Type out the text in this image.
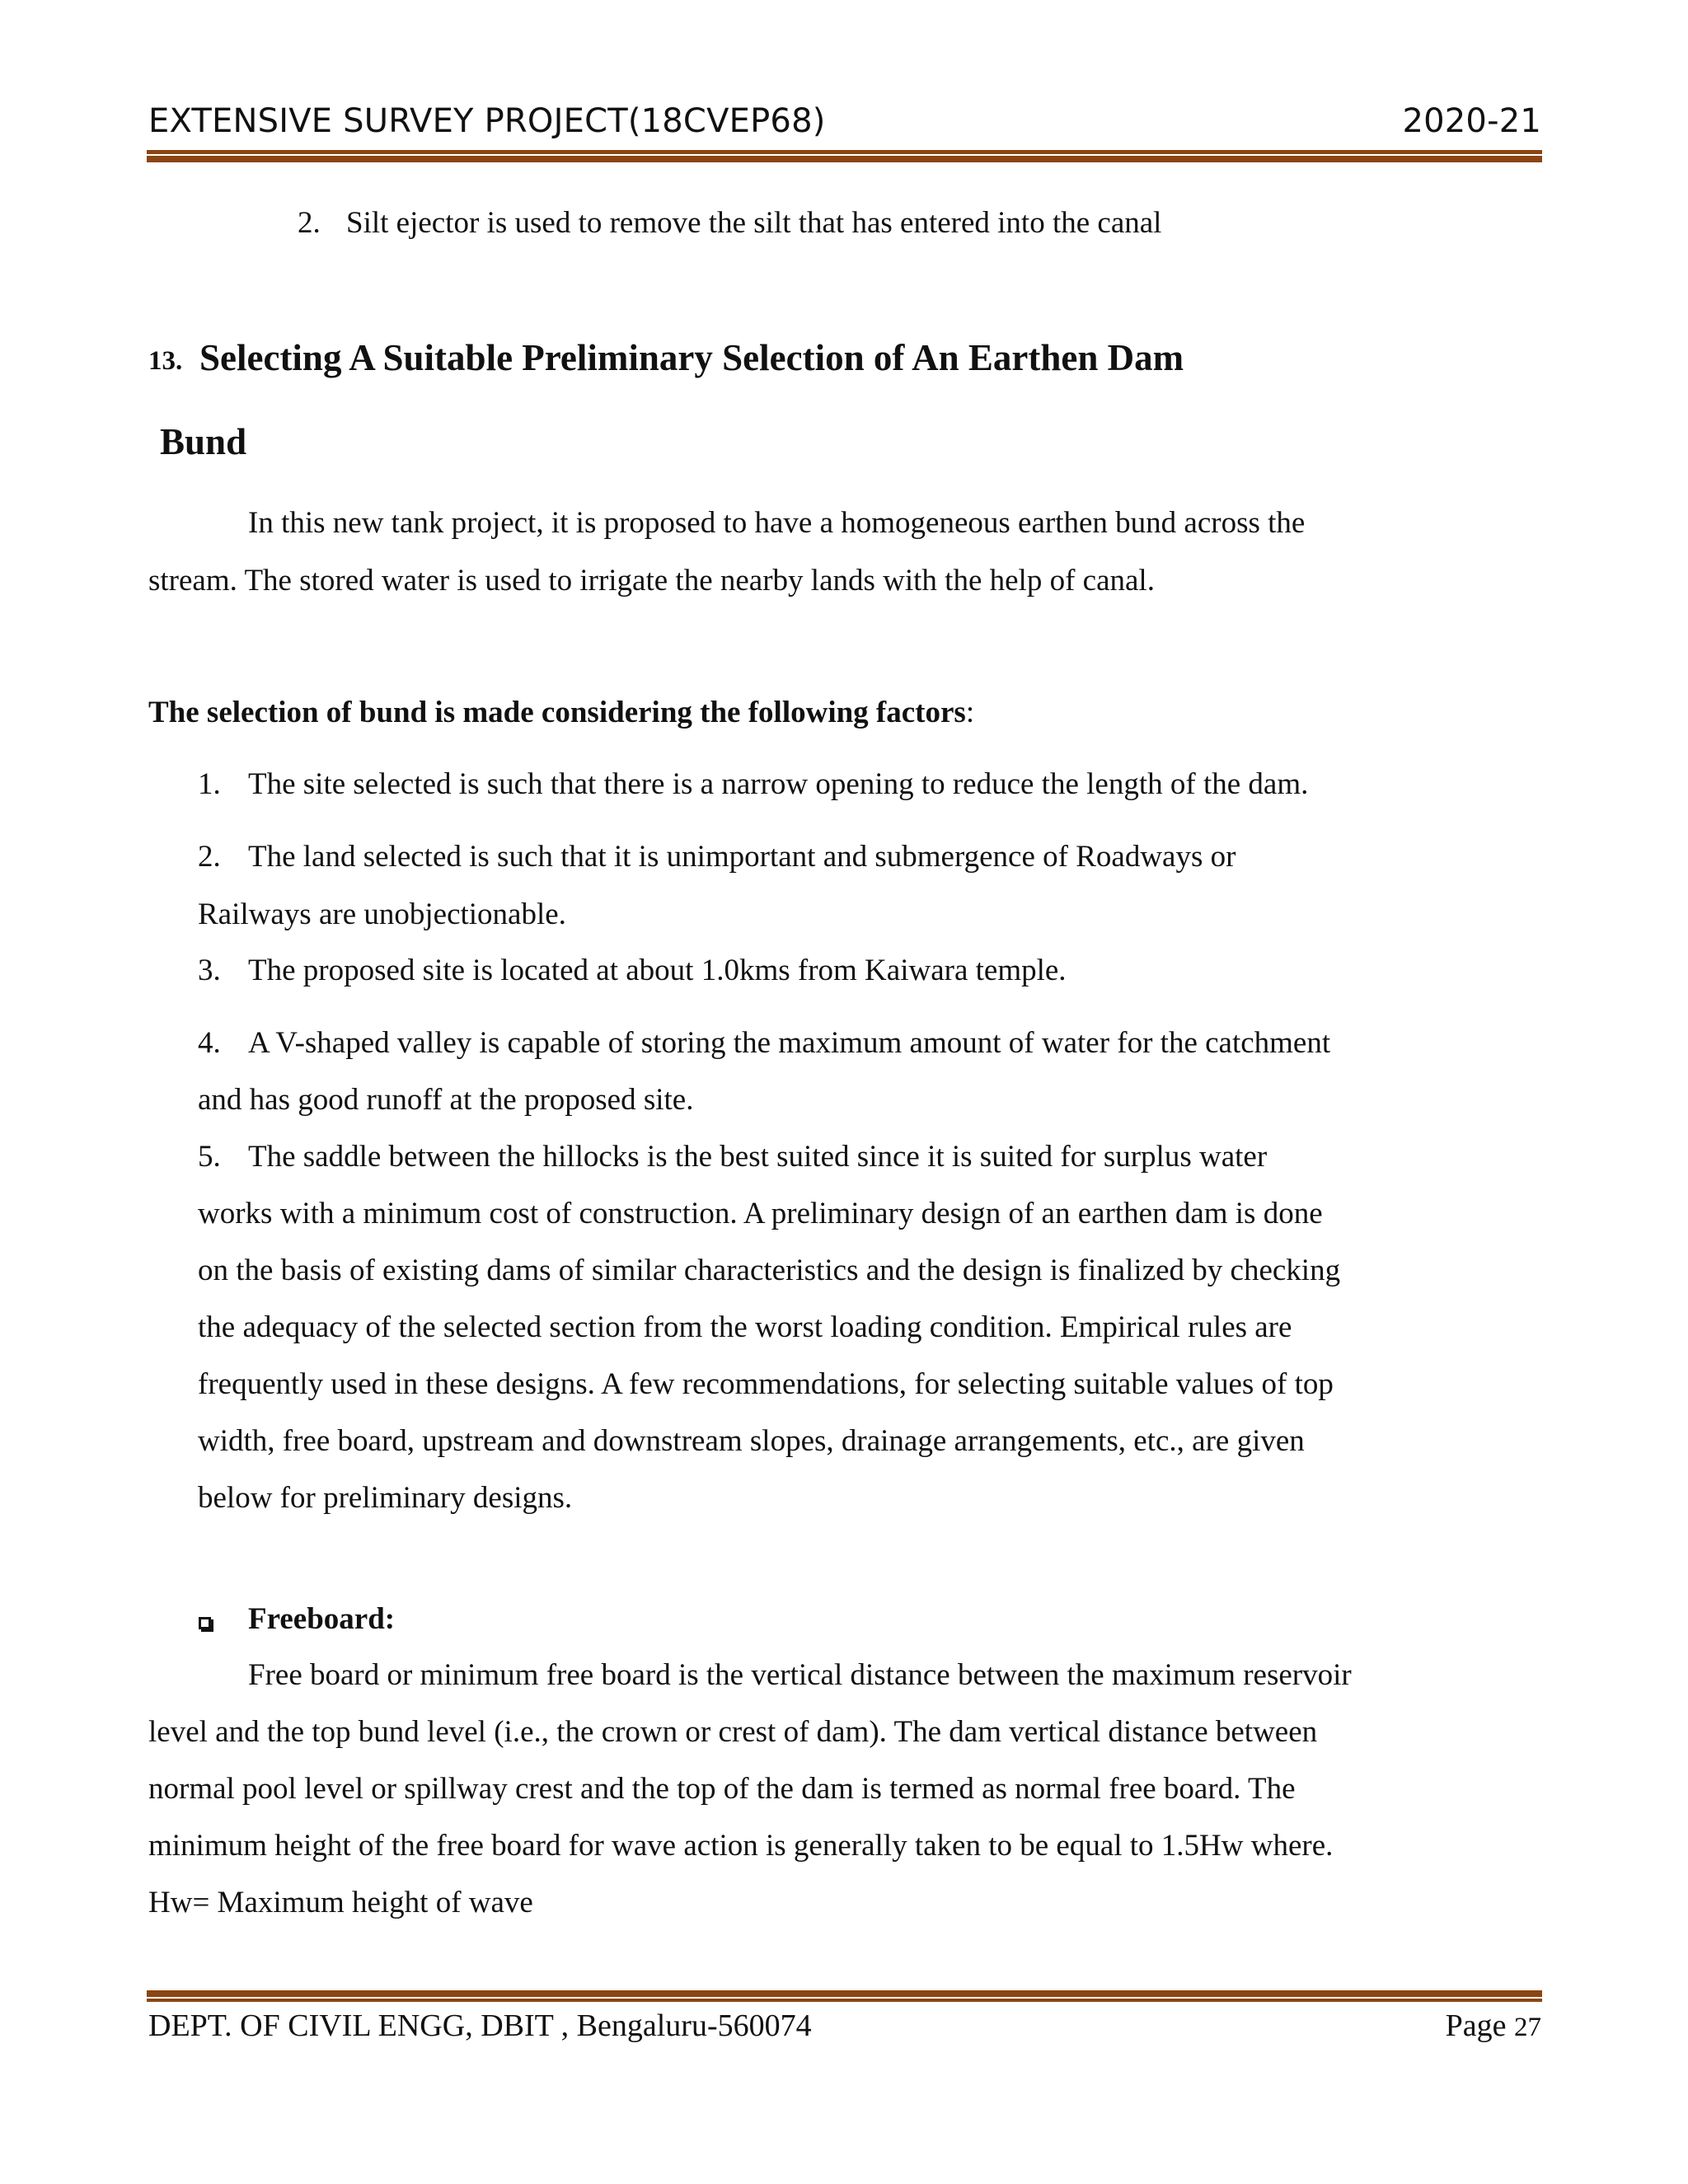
EXTENSIVE SURVEY PROJECT(18CVEP68)	2020-21
2. Silt ejector is used to remove the silt that has entered into the canal
13. Selecting A Suitable Preliminary Selection of An Earthen Dam
Bund
In this new tank project, it is proposed to have a homogeneous earthen bund across the
stream. The stored water is used to irrigate the nearby lands with the help of canal.
The selection of bund is made considering the following factors:
1. The site selected is such that there is a narrow opening to reduce the length of the dam.
2. The land selected is such that it is unimportant and submergence of Roadways or
Railways are unobjectionable.
3. The proposed site is located at about 1.0kms from Kaiwara temple.
4. A V-shaped valley is capable of storing the maximum amount of water for the catchment
and has good runoff at the proposed site.
5. The saddle between the hillocks is the best suited since it is suited for surplus water
works with a minimum cost of construction. A preliminary design of an earthen dam is done
on the basis of existing dams of similar characteristics and the design is finalized by checking
the adequacy of the selected section from the worst loading condition. Empirical rules are
frequently used in these designs. A few recommendations, for selecting suitable values of top
width, free board, upstream and downstream slopes, drainage arrangements, etc., are given
below for preliminary designs.
Freeboard:
Free board or minimum free board is the vertical distance between the maximum reservoir
level and the top bund level (i.e., the crown or crest of dam). The dam vertical distance between
normal pool level or spillway crest and the top of the dam is termed as normal free board. The
minimum height of the free board for wave action is generally taken to be equal to 1.5Hw where.
Hw= Maximum height of wave
DEPT. OF CIVIL ENGG, DBIT , Bengaluru-560074	Page 27
